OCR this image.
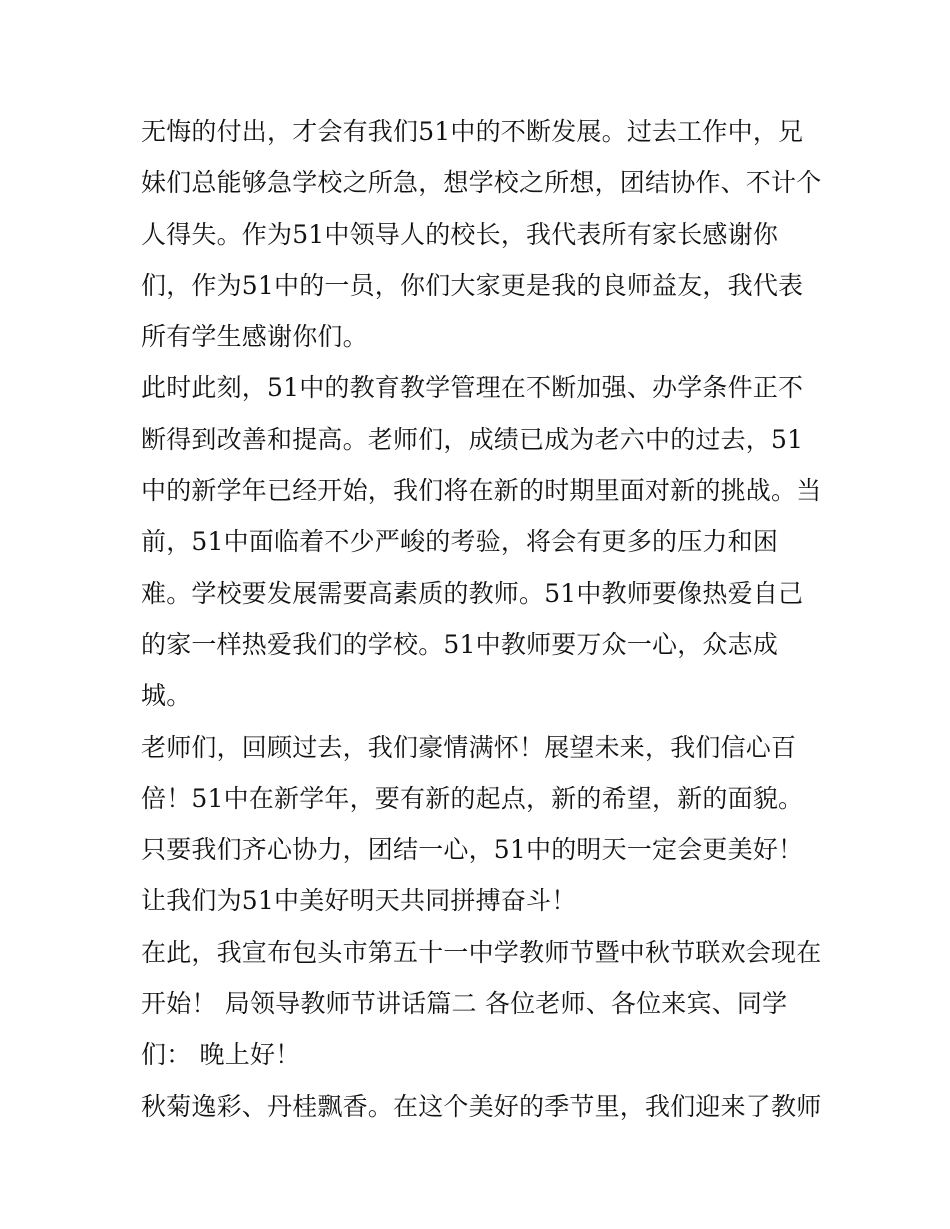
无悔的付出，才会有我们51中的不断发展。过去工作中，兄
妹们总能够急学校之所急，想学校之所想，团结协作、不计个
人得失。作为51中领导人的校长，我代表所有家长感谢你
们，作为51中的一员，你们大家更是我的良师益友，我代表
所有学生感谢你们。
此时此刻，51中的教育教学管理在不断加强、办学条件正不
断得到改善和提高。老师们，成绩已成为老六中的过去，51
中的新学年已经开始，我们将在新的时期里面对新的挑战。当
前，51中面临着不少严峻的考验，将会有更多的压力和困
难。学校要发展需要高素质的教师。51中教师要像热爱自己
的家一样热爱我们的学校。51中教师要万众一心，众志成
城。
老师们，回顾过去，我们豪情满怀！展望未来，我们信心百
倍！51中在新学年，要有新的起点，新的希望，新的面貌。
只要我们齐心协力，团结一心，51中的明天一定会更美好！
让我们为51中美好明天共同拼搏奋斗！
在此，我宣布包头市第五十一中学教师节暨中秋节联欢会现在
开始！ 局领导教师节讲话篇二 各位老师、各位来宾、同学
们： 晚上好！
秋菊逸彩、丹桂飘香。在这个美好的季节里，我们迎来了教师
